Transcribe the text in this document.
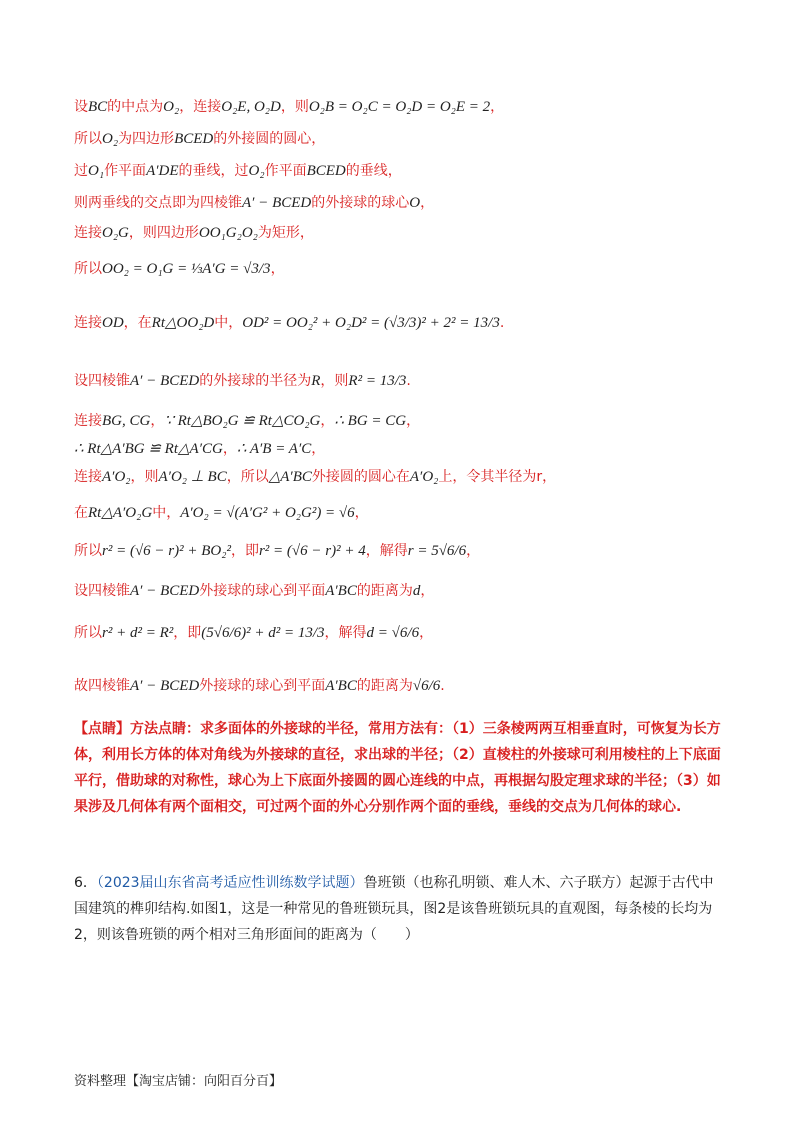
设BC的中点为O₂，连接O₂E, O₂D，则O₂B = O₂C = O₂D = O₂E = 2，
所以O₂为四边形BCED的外接圆的圆心，
过O₁作平面A′DE的垂线，过O₂作平面BCED的垂线，
则两垂线的交点即为四棱锥A′ − BCED的外接球的球心O，
连接O₂G，则四边形OO₁G₂O₂为矩形，
所以OO₂ = O₁G = ⅓A′G = √3/3，
连接OD，在Rt△OO₂D中，OD² = OO₂² + O₂D² = (√3/3)² + 2² = 13/3.
设四棱锥A′ − BCED的外接球的半径为R，则R² = 13/3.
连接BG, CG，∵ Rt△BO₂G ≌ Rt△CO₂G，∴ BG = CG，
∴ Rt△A′BG ≌ Rt△A′CG，∴ A′B = A′C，
连接A′O₂，则A′O₂ ⊥ BC，所以△A′BC外接圆的圆心在A′O₂上，令其半径为r，
在Rt△A′O₂G中，A′O₂ = √(A′G² + O₂G²) = √6，
所以r² = (√6 − r)² + BO₂²，即r² = (√6 − r)² + 4，解得r = 5√6/6，
设四棱锥A′ − BCED外接球的球心到平面A′BC的距离为d，
所以r² + d² = R²，即(5√6/6)² + d² = 13/3，解得d = √6/6，
故四棱锥A′ − BCED外接球的球心到平面A′BC的距离为√6/6.
【点睛】方法点睛：求多面体的外接球的半径，常用方法有：（1）三条棱两两互相垂直时，可恢复为长方体，利用长方体的体对角线为外接球的直径，求出球的半径；（2）直棱柱的外接球可利用棱柱的上下底面平行，借助球的对称性，球心为上下底面外接圆的圆心连线的中点，再根据勾股定理求球的半径；（3）如果涉及几何体有两个面相交，可过两个面的外心分别作两个面的垂线，垂线的交点为几何体的球心.
6．（2023届山东省高考适应性训练数学试题）鲁班锁（也称孔明锁、难人木、六子联方）起源于古代中国建筑的榫卯结构.如图1，这是一种常见的鲁班锁玩具，图2是该鲁班锁玩具的直观图，每条棱的长均为2，则该鲁班锁的两个相对三角形面间的距离为（　　）
资料整理【淘宝店铺：向阳百分百】
